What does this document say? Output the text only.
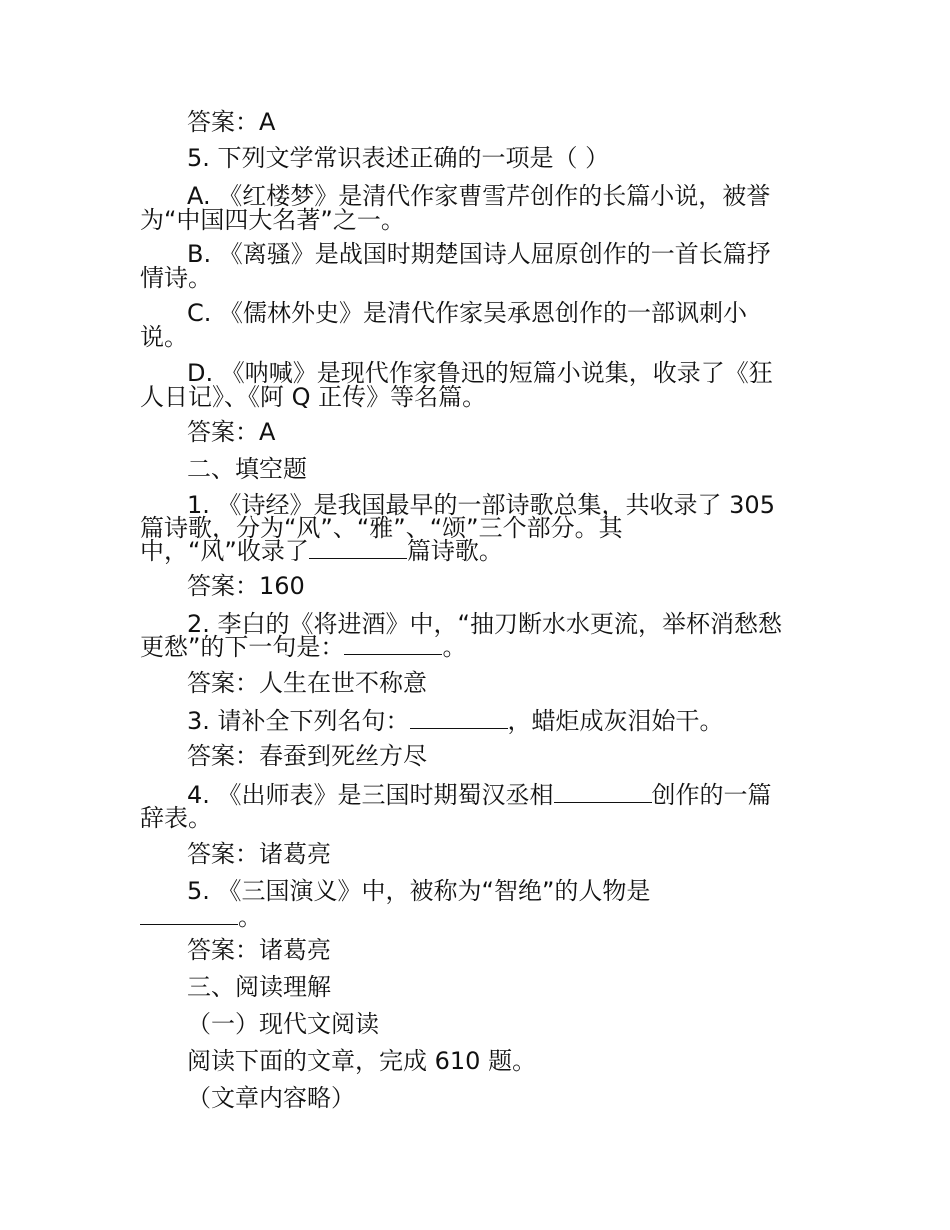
答案：A
5. 下列文学常识表述正确的一项是（ ）
A. 《红楼梦》是清代作家曹雪芹创作的长篇小说，被誉
为“中国四大名著”之一。
B. 《离骚》是战国时期楚国诗人屈原创作的一首长篇抒
情诗。
C. 《儒林外史》是清代作家吴承恩创作的一部讽刺小
说。
D. 《呐喊》是现代作家鲁迅的短篇小说集，收录了《狂
人日记》、《阿 Q 正传》等名篇。
答案：A
二、填空题
1. 《诗经》是我国最早的一部诗歌总集，共收录了 305
篇诗歌，分为“风”、“雅”、“颂”三个部分。其
中，“风”收录了	篇诗歌。
答案：160
2. 李白的《将进酒》中，“抽刀断水水更流，举杯消愁愁
更愁”的下一句是：	。
答案：人生在世不称意
3. 请补全下列名句：	，蜡炬成灰泪始干。
答案：春蚕到死丝方尽
4. 《出师表》是三国时期蜀汉丞相	创作的一篇
辞表。
答案：诸葛亮
5. 《三国演义》中，被称为“智绝”的人物是
。
答案：诸葛亮
三、阅读理解
（一）现代文阅读
阅读下面的文章，完成 610 题。
（文章内容略）
